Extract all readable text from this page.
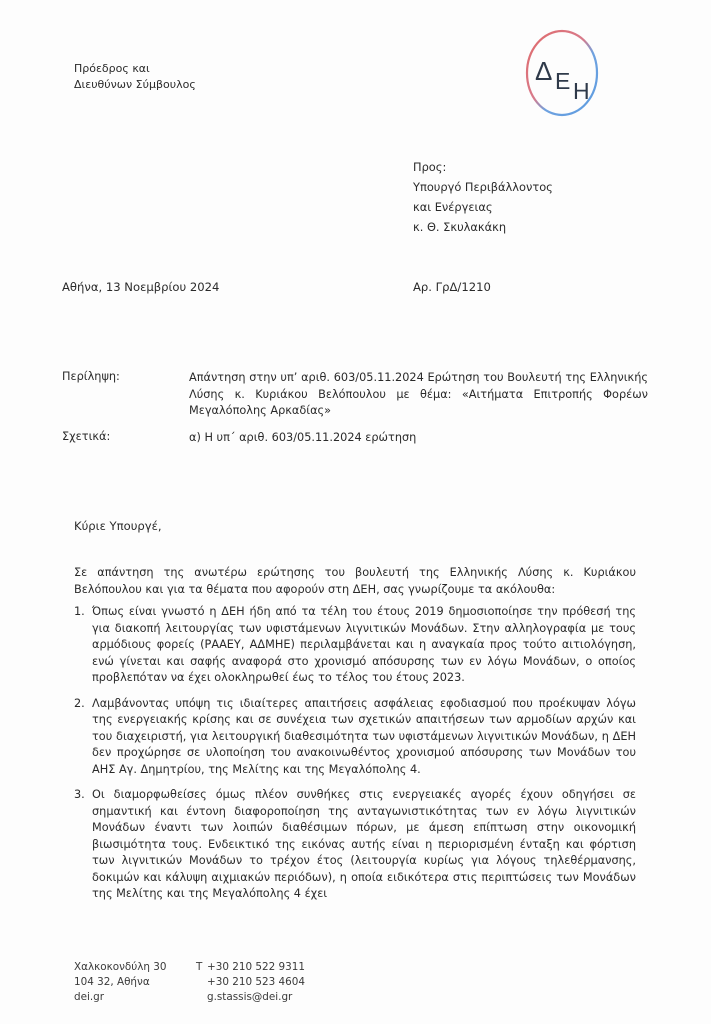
Πρόεδρος και
Διευθύνων Σύμβουλος	Δ Ε Η
Προς:
Υπουργό Περιβάλλοντος
και Ενέργειας
κ. Θ. Σκυλακάκη
Αθήνα, 13 Νοεμβρίου 2024	Αρ. ΓρΔ/1210
Περίληψη:	Απάντηση στην υπ’ αριθ. 603/05.11.2024 Ερώτηση του Βουλευτή της Ελληνικής Λύσης κ. Κυριάκου Βελόπουλου με θέμα: «Αιτήματα Επιτροπής Φορέων Μεγαλόπολης Αρκαδίας»
Σχετικά:	α) Η υπ΄ αριθ. 603/05.11.2024 ερώτηση
Κύριε Υπουργέ,
Σε απάντηση της ανωτέρω ερώτησης του βουλευτή της Ελληνικής Λύσης κ. Κυριάκου Βελόπουλου και για τα θέματα που αφορούν στη ΔΕΗ, σας γνωρίζουμε τα ακόλουθα:
1. Όπως είναι γνωστό η ΔΕΗ ήδη από τα τέλη του έτους 2019 δημοσιοποίησε την πρόθεσή της για διακοπή λειτουργίας των υφιστάμενων λιγνιτικών Μονάδων. Στην αλληλογραφία με τους αρμόδιους φορείς (ΡΑΑΕΥ, ΑΔΜΗΕ) περιλαμβάνεται και η αναγκαία προς τούτο αιτιολόγηση, ενώ γίνεται και σαφής αναφορά στο χρονισμό απόσυρσης των εν λόγω Μονάδων, ο οποίος προβλεπόταν να έχει ολοκληρωθεί έως το τέλος του έτους 2023.
2. Λαμβάνοντας υπόψη τις ιδιαίτερες απαιτήσεις ασφάλειας εφοδιασμού που προέκυψαν λόγω της ενεργειακής κρίσης και σε συνέχεια των σχετικών απαιτήσεων των αρμοδίων αρχών και του διαχειριστή, για λειτουργική διαθεσιμότητα των υφιστάμενων λιγνιτικών Μονάδων, η ΔΕΗ δεν προχώρησε σε υλοποίηση του ανακοινωθέντος χρονισμού απόσυρσης των Μονάδων του ΑΗΣ Αγ. Δημητρίου, της Μελίτης και της Μεγαλόπολης 4.
3. Οι διαμορφωθείσες όμως πλέον συνθήκες στις ενεργειακές αγορές έχουν οδηγήσει σε σημαντική και έντονη διαφοροποίηση της ανταγωνιστικότητας των εν λόγω λιγνιτικών Μονάδων έναντι των λοιπών διαθέσιμων πόρων, με άμεση επίπτωση στην οικονομική βιωσιμότητα τους. Ενδεικτικό της εικόνας αυτής είναι η περιορισμένη ένταξη και φόρτιση των λιγνιτικών Μονάδων το τρέχον έτος (λειτουργία κυρίως για λόγους τηλεθέρμανσης, δοκιμών και κάλυψη αιχμιακών περιόδων), η οποία ειδικότερα στις περιπτώσεις των Μονάδων της Μελίτης και της Μεγαλόπολης 4 έχει
Χαλκοκονδύλη 30
104 32, Αθήνα
dei.gr
T +30 210 522 9311
+30 210 523 4604
g.stassis@dei.gr
